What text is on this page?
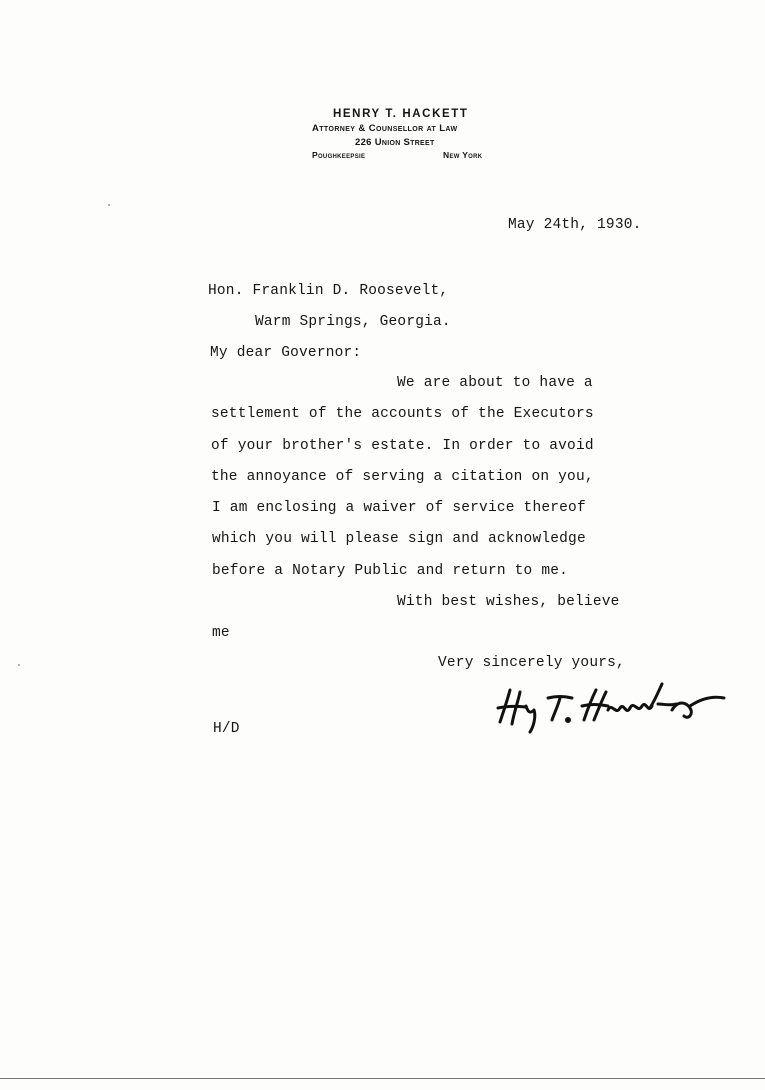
HENRY T. HACKETT
Attorney & Counsellor at Law
226 Union Street
Poughkeepsie	New York
May 24th, 1930.
Hon. Franklin D. Roosevelt,
Warm Springs, Georgia.
My dear Governor:
We are about to have a
settlement of the accounts of the Executors
of your brother's estate. In order to avoid
the annoyance of serving a citation on you,
I am enclosing a waiver of service thereof
which you will please sign and acknowledge
before a Notary Public and return to me.
With best wishes, believe
me
Very sincerely yours,
H/D
